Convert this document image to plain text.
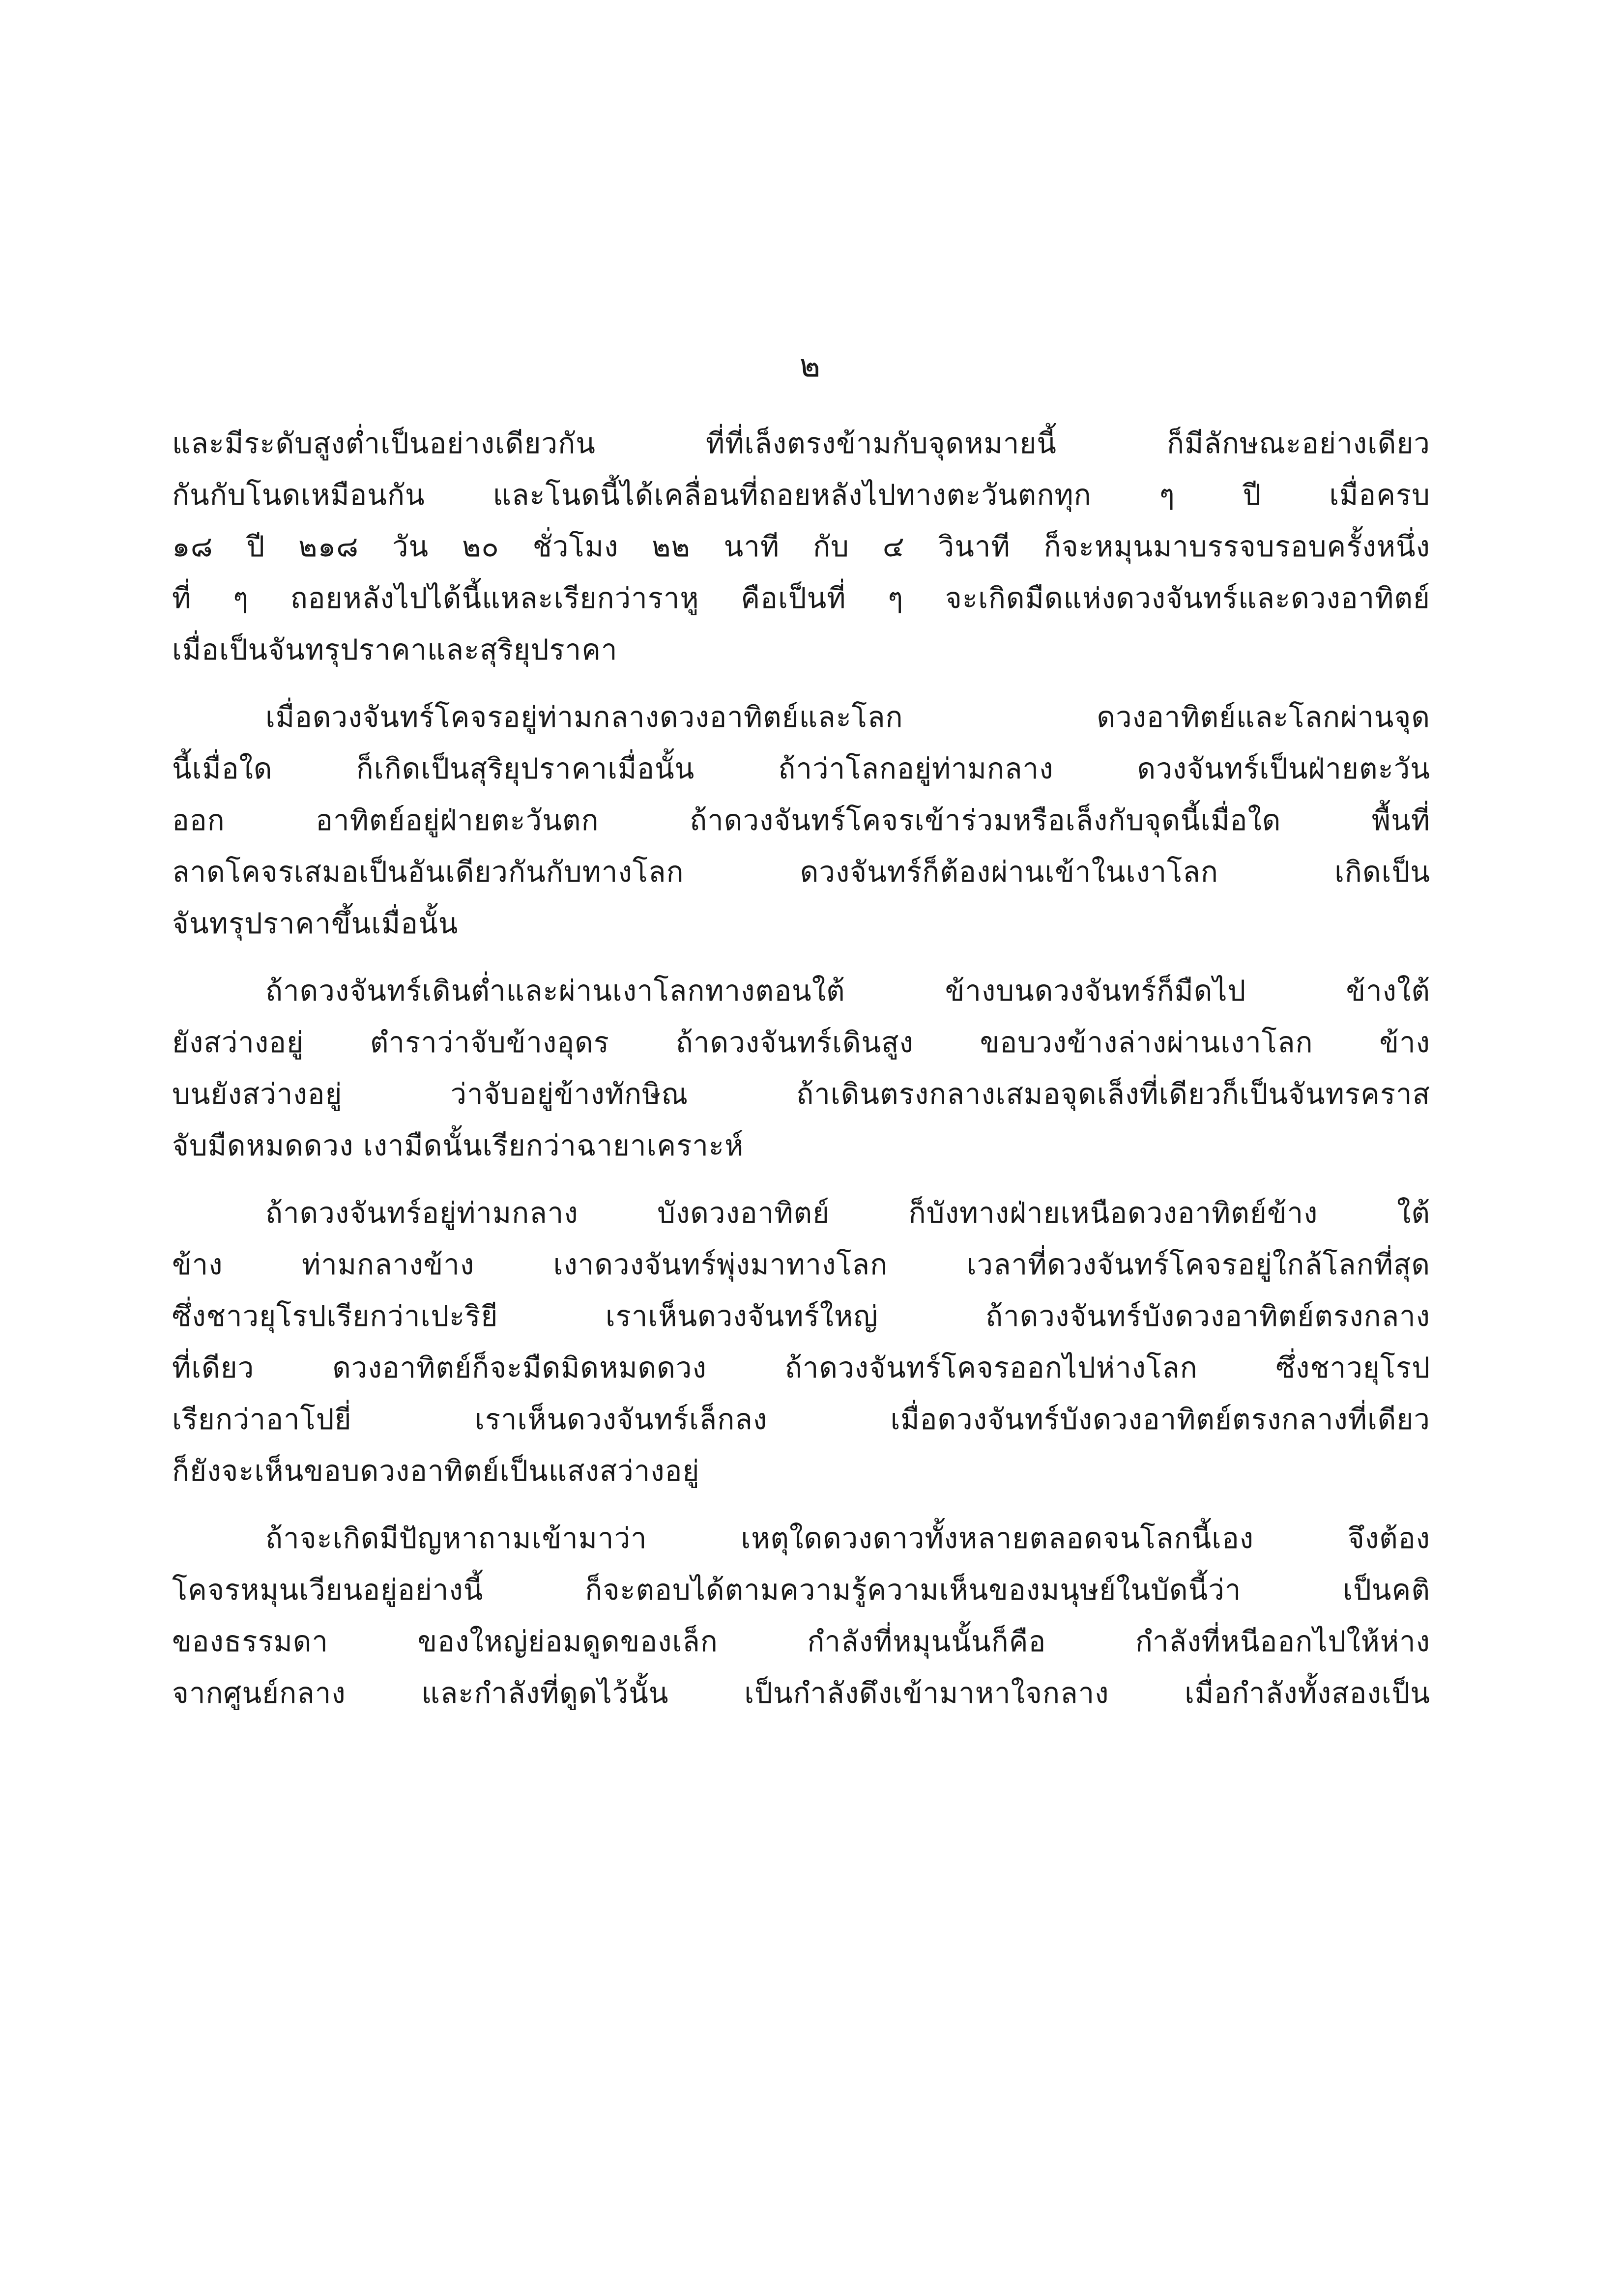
๒
และมีระดับสูงต่ำเป็นอย่างเดียวกัน ที่ที่เล็งตรงข้ามกับจุดหมายนี้ ก็มีลักษณะอย่างเดียว
กันกับโนดเหมือนกัน และโนดนี้ได้เคลื่อนที่ถอยหลังไปทางตะวันตกทุก ๆ ปี เมื่อครบ
๑๘ ปี ๒๑๘ วัน ๒๐ ชั่วโมง ๒๒ นาที กับ ๔ วินาที ก็จะหมุนมาบรรจบรอบครั้งหนึ่ง
ที่ ๆ ถอยหลังไปได้นี้แหละเรียกว่าราหู คือเป็นที่ ๆ จะเกิดมืดแห่งดวงจันทร์และดวงอาทิตย์
เมื่อเป็นจันทรุปราคาและสุริยุปราคา
เมื่อดวงจันทร์โคจรอยู่ท่ามกลางดวงอาทิตย์และโลก ดวงอาทิตย์และโลกผ่านจุด
นี้เมื่อใด ก็เกิดเป็นสุริยุปราคาเมื่อนั้น ถ้าว่าโลกอยู่ท่ามกลาง ดวงจันทร์เป็นฝ่ายตะวัน
ออก อาทิตย์อยู่ฝ่ายตะวันตก ถ้าดวงจันทร์โคจรเข้าร่วมหรือเล็งกับจุดนี้เมื่อใด พื้นที่
ลาดโคจรเสมอเป็นอันเดียวกันกับทางโลก ดวงจันทร์ก็ต้องผ่านเข้าในเงาโลก เกิดเป็น
จันทรุปราคาขึ้นเมื่อนั้น
ถ้าดวงจันทร์เดินต่ำและผ่านเงาโลกทางตอนใต้ ข้างบนดวงจันทร์ก็มืดไป ข้างใต้
ยังสว่างอยู่ ตำราว่าจับข้างอุดร ถ้าดวงจันทร์เดินสูง ขอบวงข้างล่างผ่านเงาโลก ข้าง
บนยังสว่างอยู่ ว่าจับอยู่ข้างทักษิณ ถ้าเดินตรงกลางเสมอจุดเล็งที่เดียวก็เป็นจันทรคราส
จับมืดหมดดวง เงามืดนั้นเรียกว่าฉายาเคราะห์
ถ้าดวงจันทร์อยู่ท่ามกลาง บังดวงอาทิตย์ ก็บังทางฝ่ายเหนือดวงอาทิตย์ข้าง ใต้
ข้าง ท่ามกลางข้าง เงาดวงจันทร์พุ่งมาทางโลก เวลาที่ดวงจันทร์โคจรอยู่ใกล้โลกที่สุด
ซึ่งชาวยุโรปเรียกว่าเปะริยี เราเห็นดวงจันทร์ใหญ่ ถ้าดวงจันทร์บังดวงอาทิตย์ตรงกลาง
ที่เดียว ดวงอาทิตย์ก็จะมืดมิดหมดดวง ถ้าดวงจันทร์โคจรออกไปห่างโลก ซึ่งชาวยุโรป
เรียกว่าอาโปยี่ เราเห็นดวงจันทร์เล็กลง เมื่อดวงจันทร์บังดวงอาทิตย์ตรงกลางที่เดียว
ก็ยังจะเห็นขอบดวงอาทิตย์เป็นแสงสว่างอยู่
ถ้าจะเกิดมีปัญหาถามเข้ามาว่า เหตุใดดวงดาวทั้งหลายตลอดจนโลกนี้เอง จึงต้อง
โคจรหมุนเวียนอยู่อย่างนี้ ก็จะตอบได้ตามความรู้ความเห็นของมนุษย์ในบัดนี้ว่า เป็นคติ
ของธรรมดา ของใหญ่ย่อมดูดของเล็ก กำลังที่หมุนนั้นก็คือ กำลังที่หนีออกไปให้ห่าง
จากศูนย์กลาง และกำลังที่ดูดไว้นั้น เป็นกำลังดึงเข้ามาหาใจกลาง เมื่อกำลังทั้งสองเป็น
